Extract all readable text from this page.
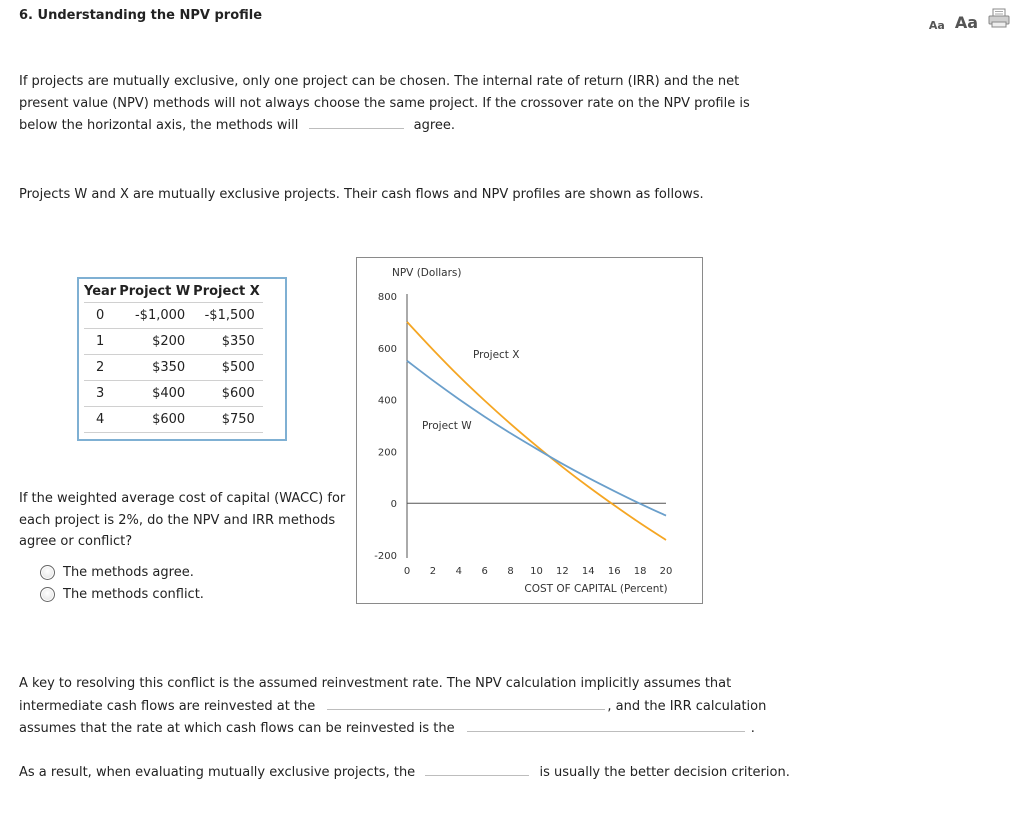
6. Understanding the NPV profile
Aa Aa
If projects are mutually exclusive, only one project can be chosen. The internal rate of return (IRR) and the net present value (NPV) methods will not always choose the same project. If the crossover rate on the NPV profile is below the horizontal axis, the methods will	agree.
Projects W and X are mutually exclusive projects. Their cash flows and NPV profiles are shown as follows.
Year	Project W	Project X
0	-$1,000	-$1,500
1	$200	$350
2	$350	$500
3	$400	$600
4	$600	$750
If the weighted average cost of capital (WACC) for each project is 2%, do the NPV and IRR methods agree or conflict?
The methods agree.
The methods conflict.
NPV (Dollars)
800
600
400
200
0
-200
0 2 4 6 8 10 12 14 16 18 20
Project X
Project W
COST OF CAPITAL (Percent)
A key to resolving this conflict is the assumed reinvestment rate. The NPV calculation implicitly assumes that intermediate cash flows are reinvested at the	, and the IRR calculation assumes that the rate at which cash flows can be reinvested is the	.
As a result, when evaluating mutually exclusive projects, the	is usually the better decision criterion.
